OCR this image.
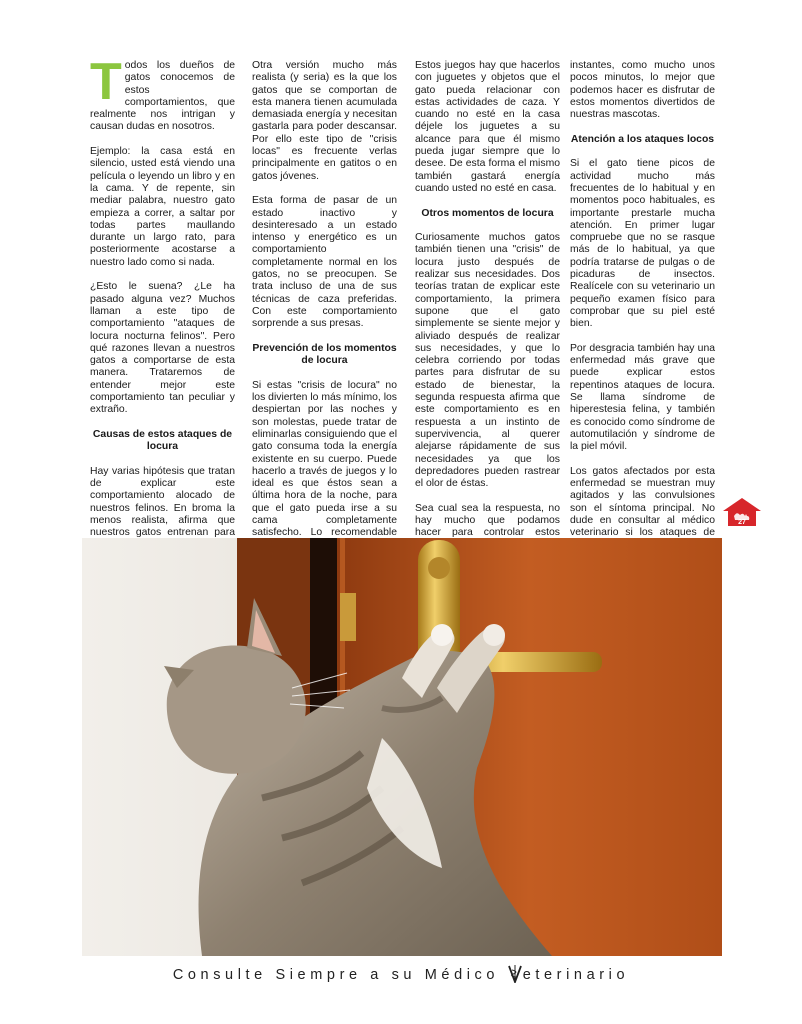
Todos los dueños de gatos conocemos de estos comportamientos, que realmente nos intrigan y causan dudas en nosotros.

Ejemplo: la casa está en silencio, usted está viendo una película o leyendo un libro y en la cama. Y de repente, sin mediar palabra, nuestro gato empieza a correr, a saltar por todas partes maullando durante un largo rato, para posteriormente acostarse a nuestro lado como si nada.

¿Esto le suena? ¿Le ha pasado alguna vez? Muchos llaman a este tipo de comportamiento "ataques de locura nocturna felinos". Pero qué razones llevan a nuestros gatos a comportarse de esta manera. Trataremos de entender mejor este comportamiento tan peculiar y extraño.

Causas de estos ataques de locura

Hay varias hipótesis que tratan de explicar este comportamiento alocado de nuestros felinos. En broma la menos realista, afirma que nuestros gatos entrenan para

Otra versión mucho más realista (y seria) es la que los gatos que se comportan de esta manera tienen acumulada demasiada energía y necesitan gastarla para poder descansar. Por ello este tipo de "crisis locas" es frecuente verlas principalmente en gatitos o en gatos jóvenes.

Esta forma de pasar de un estado inactivo y desinteresado a un estado intenso y energético es un comportamiento completamente normal en los gatos, no se preocupen. Se trata incluso de una de sus técnicas de caza preferidas. Con este comportamiento sorprende a sus presas.

Prevención de los momentos de locura

Si estas "crisis de locura" no los divierten lo más mínimo, los despiertan por las noches y son molestas, puede tratar de eliminarlas consiguiendo que el gato consuma toda la energía existente en su cuerpo. Puede hacerlo a través de juegos y lo ideal es que éstos sean a última hora de la noche, para que el gato pueda irse a su cama completamente satisfecho. Lo recomendable

Estos juegos hay que hacerlos con juguetes y objetos que el gato pueda relacionar con estas actividades de caza. Y cuando no esté en la casa déjele los juguetes a su alcance para que él mismo pueda jugar siempre que lo desee. De esta forma el mismo también gastará energía cuando usted no esté en casa.

Otros momentos de locura

Curiosamente muchos gatos también tienen una "crisis" de locura justo después de realizar sus necesidades. Dos teorías tratan de explicar este comportamiento, la primera supone que el gato simplemente se siente mejor y aliviado después de realizar sus necesidades, y que lo celebra corriendo por todas partes para disfrutar de su estado de bienestar, la segunda respuesta afirma que este comportamiento es en respuesta a un instinto de supervivencia, al querer alejarse rápidamente de sus necesidades ya que los depredadores pueden rastrear el olor de éstas.

Sea cual sea la respuesta, no hay mucho que podamos hacer para controlar estos

instantes, como mucho unos pocos minutos, lo mejor que podemos hacer es disfrutar de estos momentos divertidos de nuestras mascotas.

Atención a los ataques locos

Si el gato tiene picos de actividad mucho más frecuentes de lo habitual y en momentos poco habituales, es importante prestarle mucha atención. En primer lugar compruebe que no se rasque más de lo habitual, ya que podría tratarse de pulgas o de picaduras de insectos. Realícele con su veterinario un pequeño examen físico para comprobar que su piel esté bien.

Por desgracia también hay una enfermedad más grave que puede explicar estos repentinos ataques de locura. Se llama síndrome de hiperestesia felina, y también es conocido como síndrome de automutilación y síndrome de la piel móvil.

Los gatos afectados por esta enfermedad se muestran muy agitados y las convulsiones son el síntoma principal. No dude en consultar al médico veterinario si los ataques de

27
Consulte Siempre a su Médico eterinario
